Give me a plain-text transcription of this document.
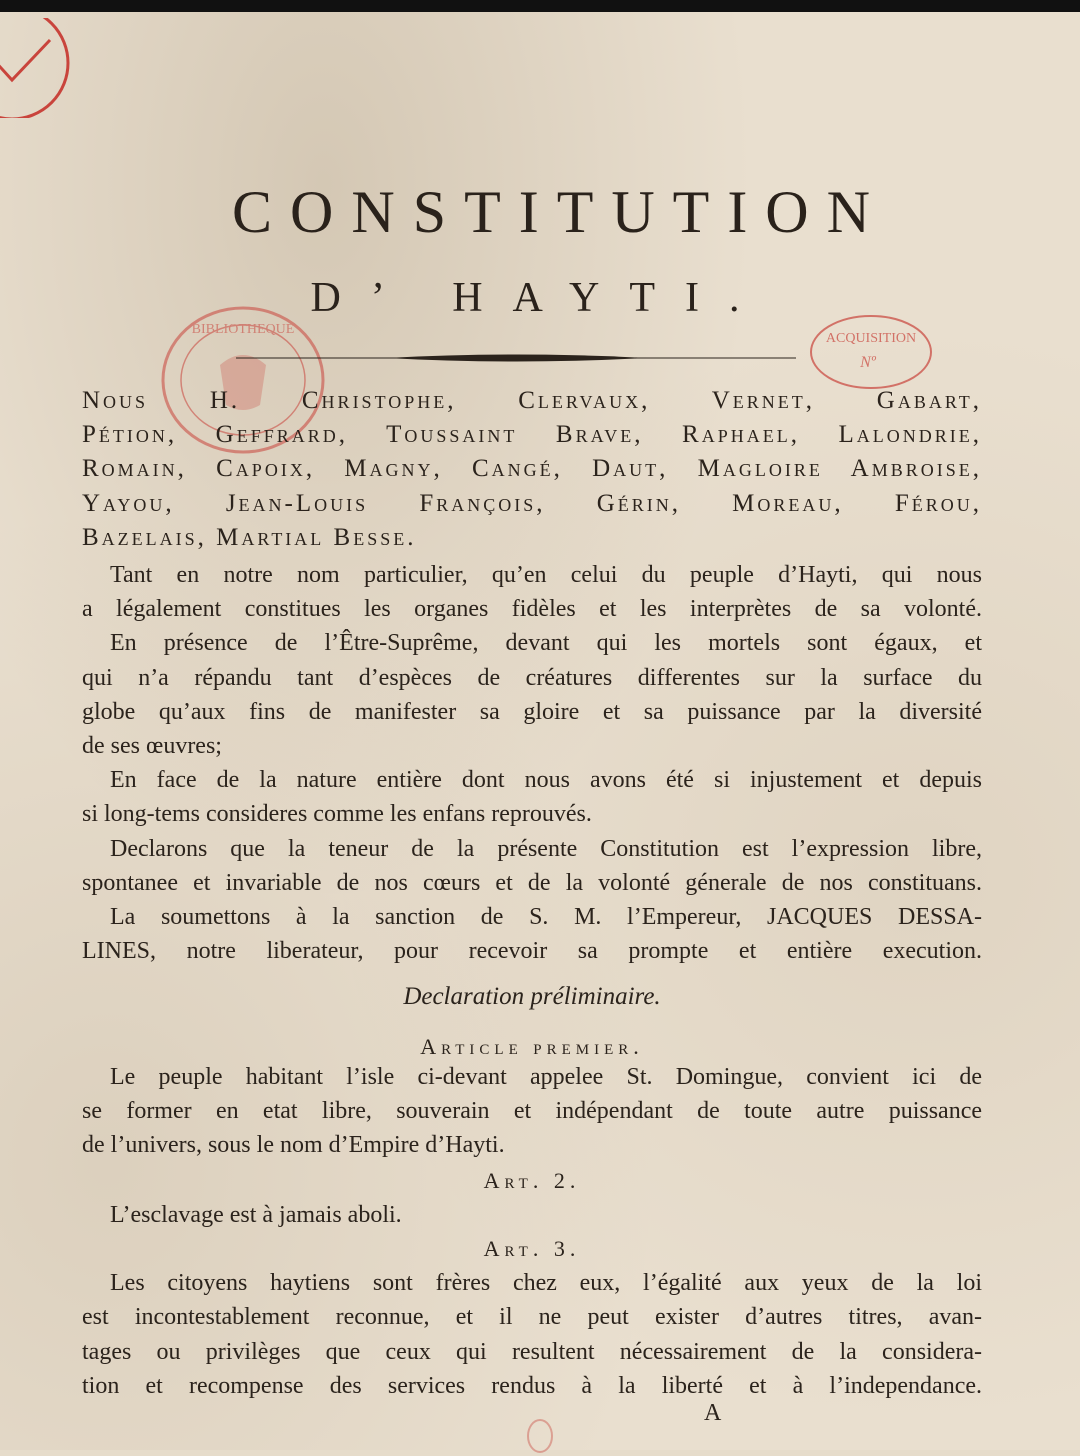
BIBLIOTHEQUE
ACQUISITION
Nº
CONSTITUTION
D’ HAYTI.
Nous H. Christophe, Clervaux, Vernet, Gabart,
Pétion, Geffrard, Toussaint Brave, Raphael, Lalondrie,
Romain, Capoix, Magny, Cangé, Daut, Magloire Ambroise,
Yayou, Jean-Louis François, Gérin, Moreau, Férou,
Bazelais, Martial Besse.
Tant en notre nom particulier, qu’en celui du peuple d’Hayti, qui nous
a légalement constitues les organes fidèles et les interprètes de sa volonté.
En présence de l’Être-Suprême, devant qui les mortels sont égaux, et
qui n’a répandu tant d’espèces de créatures differentes sur la surface du
globe qu’aux fins de manifester sa gloire et sa puissance par la diversité
de ses œuvres;
En face de la nature entière dont nous avons été si injustement et depuis
si long-tems consideres comme les enfans reprouvés.
Declarons que la teneur de la présente Constitution est l’expression libre,
spontanee et invariable de nos cœurs et de la volonté génerale de nos constituans.
La soumettons à la sanction de S. M. l’Empereur, JACQUES DESSA-
LINES, notre liberateur, pour recevoir sa prompte et entière execution.
Declaration préliminaire.
Article premier.
Le peuple habitant l’isle ci-devant appelee St. Domingue, convient ici de
se former en etat libre, souverain et indépendant de toute autre puissance
de l’univers, sous le nom d’Empire d’Hayti.
Art. 2.
L’esclavage est à jamais aboli.
Art. 3.
Les citoyens haytiens sont frères chez eux, l’égalité aux yeux de la loi
est incontestablement reconnue, et il ne peut exister d’autres titres, avan-
tages ou privilèges que ceux qui resultent nécessairement de la considera-
tion et recompense des services rendus à la liberté et à l’independance.
A
